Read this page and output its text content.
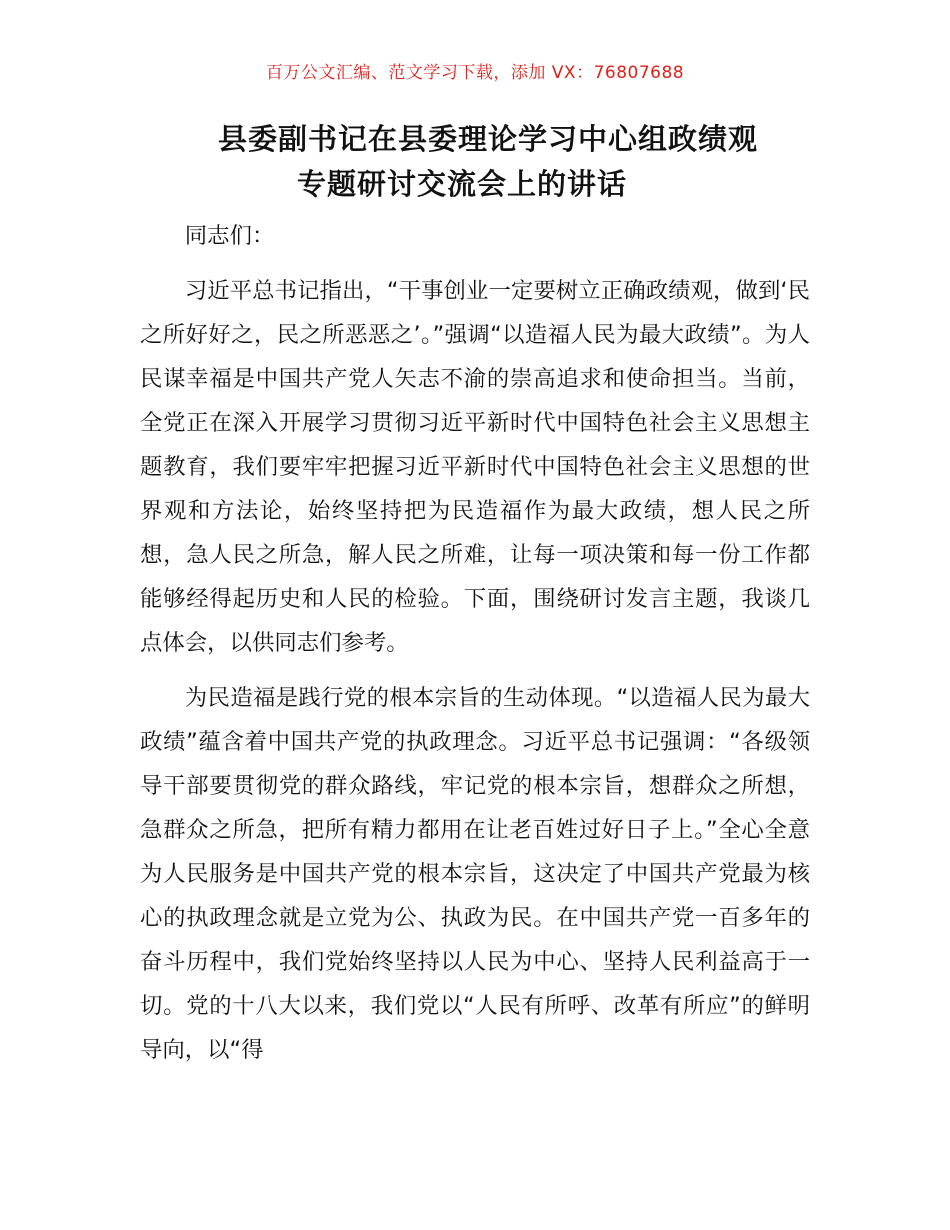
百万公文汇编、范文学习下载，添加 VX：76807688
县委副书记在县委理论学习中心组政绩观
专题研讨交流会上的讲话

同志们：

习近平总书记指出，“干事创业一定要树立正确政绩观，做到‘民之所好好之，民之所恶恶之’。”强调“以造福人民为最大政绩”。为人民谋幸福是中国共产党人矢志不渝的崇高追求和使命担当。当前，全党正在深入开展学习贯彻习近平新时代中国特色社会主义思想主题教育，我们要牢牢把握习近平新时代中国特色社会主义思想的世界观和方法论，始终坚持把为民造福作为最大政绩，想人民之所想，急人民之所急，解人民之所难，让每一项决策和每一份工作都能够经得起历史和人民的检验。下面，围绕研讨发言主题，我谈几点体会，以供同志们参考。

为民造福是践行党的根本宗旨的生动体现。“以造福人民为最大政绩”蕴含着中国共产党的执政理念。习近平总书记强调：“各级领导干部要贯彻党的群众路线，牢记党的根本宗旨，想群众之所想，急群众之所急，把所有精力都用在让老百姓过好日子上。”全心全意为人民服务是中国共产党的根本宗旨，这决定了中国共产党最为核心的执政理念就是立党为公、执政为民。在中国共产党一百多年的奋斗历程中，我们党始终坚持以人民为中心、坚持人民利益高于一切。党的十八大以来，我们党以“人民有所呼、改革有所应”的鲜明导向，以“得
